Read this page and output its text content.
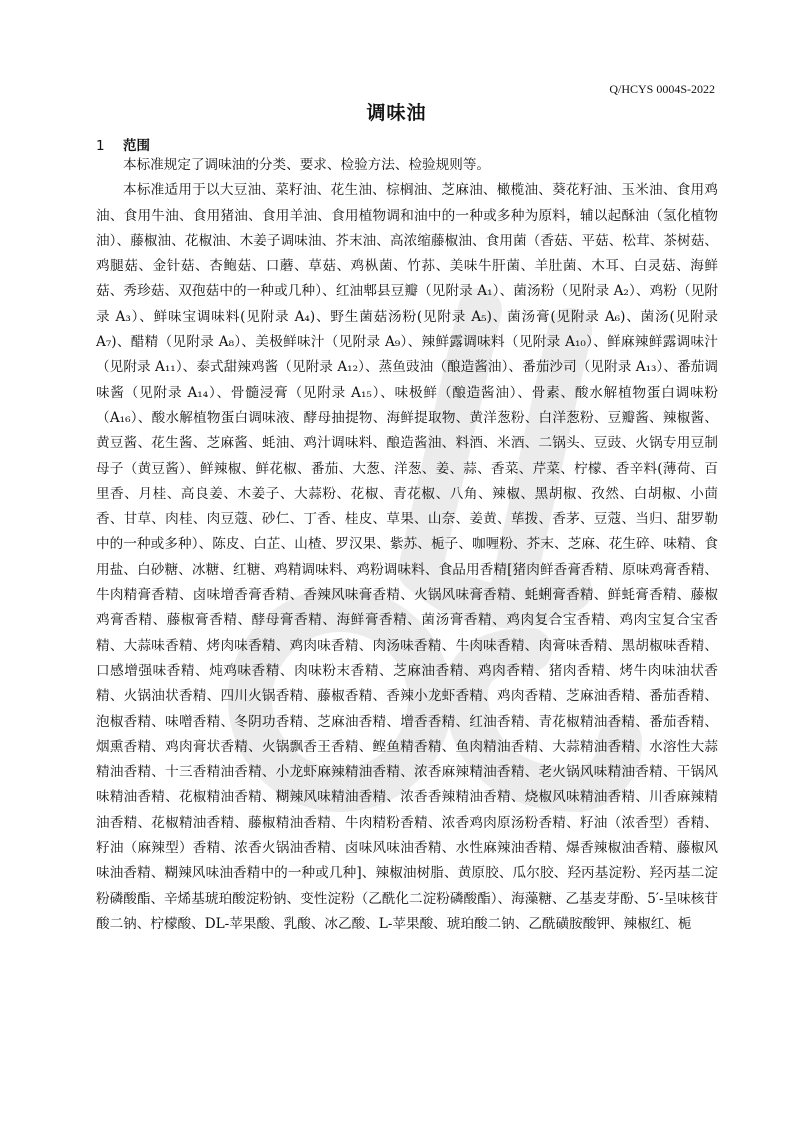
Q/HCYS 0004S-2022
调味油
1 范围

本标准规定了调味油的分类、要求、检验方法、检验规则等。

本标准适用于以大豆油、菜籽油、花生油、棕榈油、芝麻油、橄榄油、葵花籽油、玉米油、食用鸡油、食用牛油、食用猪油、食用羊油、食用植物调和油中的一种或多种为原料，辅以起酥油（氢化植物油）、藤椒油、花椒油、木姜子调味油、芥末油、高浓缩藤椒油、食用菌（香菇、平菇、松茸、茶树菇、鸡腿菇、金针菇、杏鲍菇、口蘑、草菇、鸡枞菌、竹荪、美味牛肝菌、羊肚菌、木耳、白灵菇、海鲜菇、秀珍菇、双孢菇中的一种或几种）、红油郫县豆瓣（见附录 A₁）、菌汤粉（见附录 A₂）、鸡粉（见附录 A₃）、鲜味宝调味料(见附录 A₄)、野生菌菇汤粉(见附录 A₅)、菌汤膏(见附录 A₆)、菌汤(见附录 A₇)、醋精（见附录 A₈）、美极鲜味汁（见附录 A₉）、辣鲜露调味料（见附录 A₁₀）、鲜麻辣鲜露调味汁（见附录 A₁₁）、泰式甜辣鸡酱（见附录 A₁₂）、蒸鱼豉油（酿造酱油）、番茄沙司（见附录 A₁₃）、番茄调味酱（见附录 A₁₄）、骨髓浸膏（见附录 A₁₅）、味极鲜（酿造酱油）、骨素、酸水解植物蛋白调味粉（A₁₆）、酸水解植物蛋白调味液、酵母抽提物、海鲜提取物、黄洋葱粉、白洋葱粉、豆瓣酱、辣椒酱、黄豆酱、花生酱、芝麻酱、蚝油、鸡汁调味料、酿造酱油、料酒、米酒、二锅头、豆豉、火锅专用豆制母子（黄豆酱）、鲜辣椒、鲜花椒、番茄、大葱、洋葱、姜、蒜、香菜、芹菜、柠檬、香辛料(薄荷、百里香、月桂、高良姜、木姜子、大蒜粉、花椒、青花椒、八角、辣椒、黑胡椒、孜然、白胡椒、小茴香、甘草、肉桂、肉豆蔻、砂仁、丁香、桂皮、草果、山奈、姜黄、荜拨、香茅、豆蔻、当归、甜罗勒中的一种或多种）、陈皮、白芷、山楂、罗汉果、紫苏、栀子、咖喱粉、芥末、芝麻、花生碎、味精、食用盐、白砂糖、冰糖、红糖、鸡精调味料、鸡粉调味料、食品用香精[猪肉鲜香膏香精、原味鸡膏香精、牛肉精膏香精、卤味增香膏香精、香辣风味膏香精、火锅风味膏香精、蚝蜊膏香精、鲜蚝膏香精、藤椒鸡膏香精、藤椒膏香精、酵母膏香精、海鲜膏香精、菌汤膏香精、鸡肉复合宝香精、鸡肉宝复合宝香精、大蒜味香精、烤肉味香精、鸡肉味香精、肉汤味香精、牛肉味香精、肉膏味香精、黑胡椒味香精、口感增强味香精、炖鸡味香精、肉味粉末香精、芝麻油香精、鸡肉香精、猪肉香精、烤牛肉味油状香精、火锅油状香精、四川火锅香精、藤椒香精、香辣小龙虾香精、鸡肉香精、芝麻油香精、番茄香精、泡椒香精、味噌香精、冬阴功香精、芝麻油香精、增香香精、红油香精、青花椒精油香精、番茄香精、烟熏香精、鸡肉膏状香精、火锅飘香王香精、鲣鱼精香精、鱼肉精油香精、大蒜精油香精、水溶性大蒜精油香精、十三香精油香精、小龙虾麻辣精油香精、浓香麻辣精油香精、老火锅风味精油香精、干锅风味精油香精、花椒精油香精、糊辣风味精油香精、浓香香辣精油香精、烧椒风味精油香精、川香麻辣精油香精、花椒精油香精、藤椒精油香精、牛肉精粉香精、浓香鸡肉原汤粉香精、籽油（浓香型）香精、籽油（麻辣型）香精、浓香火锅油香精、卤味风味油香精、水性麻辣油香精、爆香辣椒油香精、藤椒风味油香精、糊辣风味油香精中的一种或几种]、辣椒油树脂、黄原胶、瓜尔胶、羟丙基淀粉、羟丙基二淀粉磷酸酯、辛烯基琥珀酸淀粉钠、变性淀粉（乙酰化二淀粉磷酸酯）、海藻糖、乙基麦芽酚、5′-呈味核苷酸二钠、柠檬酸、DL-苹果酸、乳酸、冰乙酸、L-苹果酸、琥珀酸二钠、乙酰磺胺酸钾、辣椒红、栀
